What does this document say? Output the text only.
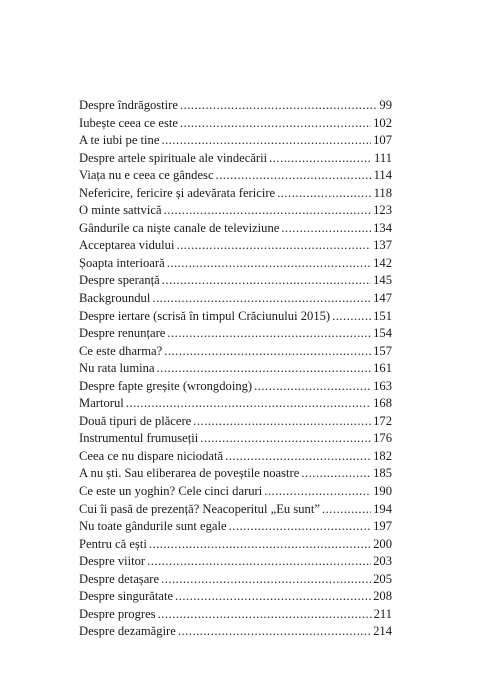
Despre îndrăgostire .....	99
Iubește ceea ce este .....	102
A te iubi pe tine .....	107
Despre artele spirituale ale vindecării .....	111
Viața nu e ceea ce gândesc .....	114
Nefericire, fericire și adevărata fericire .....	118
O minte sattvică .....	123
Gândurile ca niște canale de televiziune .....	134
Acceptarea vidului .....	137
Șoapta interioară .....	142
Despre speranță .....	145
Backgroundul .....	147
Despre iertare (scrisă în timpul Crăciunului 2015) .....	151
Despre renunțare .....	154
Ce este dharma? .....	157
Nu rata lumina .....	161
Despre fapte greșite (wrongdoing) .....	163
Martorul .....	168
Două tipuri de plăcere .....	172
Instrumentul frumuseții .....	176
Ceea ce nu dispare niciodată .....	182
A nu ști. Sau eliberarea de poveștile noastre .....	185
Ce este un yoghin? Cele cinci daruri .....	190
Cui îi pasă de prezență? Neacoperitul „Eu sunt” .....	194
Nu toate gândurile sunt egale .....	197
Pentru că ești .....	200
Despre viitor .....	203
Despre detașare .....	205
Despre singurătate .....	208
Despre progres .....	211
Despre dezamăgire .....	214
